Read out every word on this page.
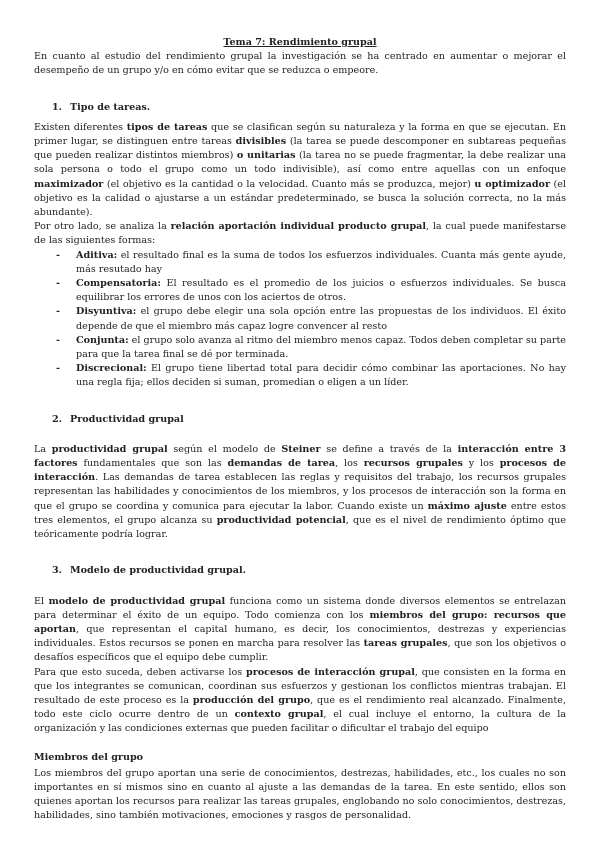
Tema 7: Rendimiento grupal

En cuanto al estudio del rendimiento grupal la investigación se ha centrado en aumentar o mejorar el desempeño de un grupo y/o en cómo evitar que se reduzca o empeore.

1. Tipo de tareas.

Existen diferentes tipos de tareas que se clasifican según su naturaleza y la forma en que se ejecutan. En primer lugar, se distinguen entre tareas divisibles (la tarea se puede descomponer en subtareas pequeñas que pueden realizar distintos miembros) o unitarias (la tarea no se puede fragmentar, la debe realizar una sola persona o todo el grupo como un todo indivisible), así como entre aquellas con un enfoque maximizador (el objetivo es la cantidad o la velocidad. Cuanto más se produzca, mejor) u optimizador (el objetivo es la calidad o ajustarse a un estándar predeterminado, se busca la solución correcta, no la más abundante).

Por otro lado, se analiza la relación aportación individual producto grupal, la cual puede manifestarse de las siguientes formas:

- Aditiva: el resultado final es la suma de todos los esfuerzos individuales. Cuanta más gente ayude, más resutado hay
- Compensatoria: El resultado es el promedio de los juicios o esfuerzos individuales. Se busca equilibrar los errores de unos con los aciertos de otros.
- Disyuntiva: el grupo debe elegir una sola opción entre las propuestas de los individuos. El éxito depende de que el miembro más capaz logre convencer al resto
- Conjunta: el grupo solo avanza al ritmo del miembro menos capaz. Todos deben completar su parte para que la tarea final se dé por terminada.
- Discrecional: El grupo tiene libertad total para decidir cómo combinar las aportaciones. No hay una regla fija; ellos deciden si suman, promedian o eligen a un líder.
2. Productividad grupal

La productividad grupal según el modelo de Steiner se define a través de la interacción entre 3 factores fundamentales que son las demandas de tarea, los recursos grupales y los procesos de interacción. Las demandas de tarea establecen las reglas y requisitos del trabajo, los recursos grupales representan las habilidades y conocimientos de los miembros, y los procesos de interacción son la forma en que el grupo se coordina y comunica para ejecutar la labor. Cuando existe un máximo ajuste entre estos tres elementos, el grupo alcanza su productividad potencial, que es el nivel de rendimiento óptimo que teóricamente podría lograr.

3. Modelo de productividad grupal.

El modelo de productividad grupal funciona como un sistema donde diversos elementos se entrelazan para determinar el éxito de un equipo. Todo comienza con los miembros del grupo: recursos que aportan, que representan el capital humano, es decir, los conocimientos, destrezas y experiencias individuales. Estos recursos se ponen en marcha para resolver las tareas grupales, que son los objetivos o desafíos específicos que el equipo debe cumplir.

Para que esto suceda, deben activarse los procesos de interacción grupal, que consisten en la forma en que los integrantes se comunican, coordinan sus esfuerzos y gestionan los conflictos mientras trabajan. El resultado de este proceso es la producción del grupo, que es el rendimiento real alcanzado. Finalmente, todo este ciclo ocurre dentro de un contexto grupal, el cual incluye el entorno, la cultura de la organización y las condiciones externas que pueden facilitar o dificultar el trabajo del equipo

Miembros del grupo

Los miembros del grupo aportan una serie de conocimientos, destrezas, habilidades, etc., los cuales no son importantes en sí mismos sino en cuanto al ajuste a las demandas de la tarea. En este sentido, ellos son quienes aportan los recursos para realizar las tareas grupales, englobando no solo conocimientos, destrezas, habilidades, sino también motivaciones, emociones y rasgos de personalidad.
